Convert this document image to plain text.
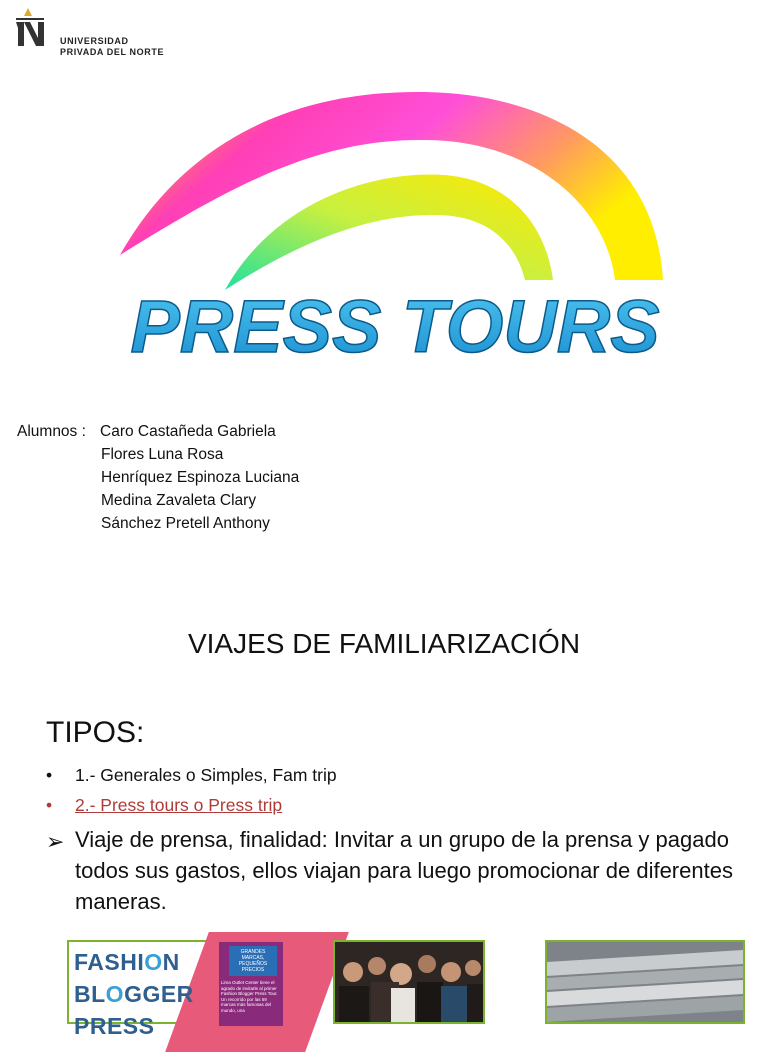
UNIVERSIDAD
PRIVADA DEL NORTE
PRESS TOURS
Alumnos : Caro Castañeda Gabriela
Flores Luna Rosa
Henríquez Espinoza Luciana
Medina Zavaleta Clary
Sánchez Pretell Anthony
VIAJES DE FAMILIARIZACIÓN
TIPOS:
• 1.- Generales o Simples, Fam trip
• 2.- Press tours o Press trip
➢ Viaje de prensa, finalidad: Invitar a un grupo de la prensa y pagado todos sus gastos, ellos viajan para luego promocionar de diferentes maneras.
GRANDES MARCAS, PEQUEÑOS PRECIOS
Lima Outlet Center tiene el agrado de invitarle al primer Fashion Blogger Press Tour. Un recorrido por las 59 marcas más famosas del mundo, una
FASHION
BLOGGER
PRESS
